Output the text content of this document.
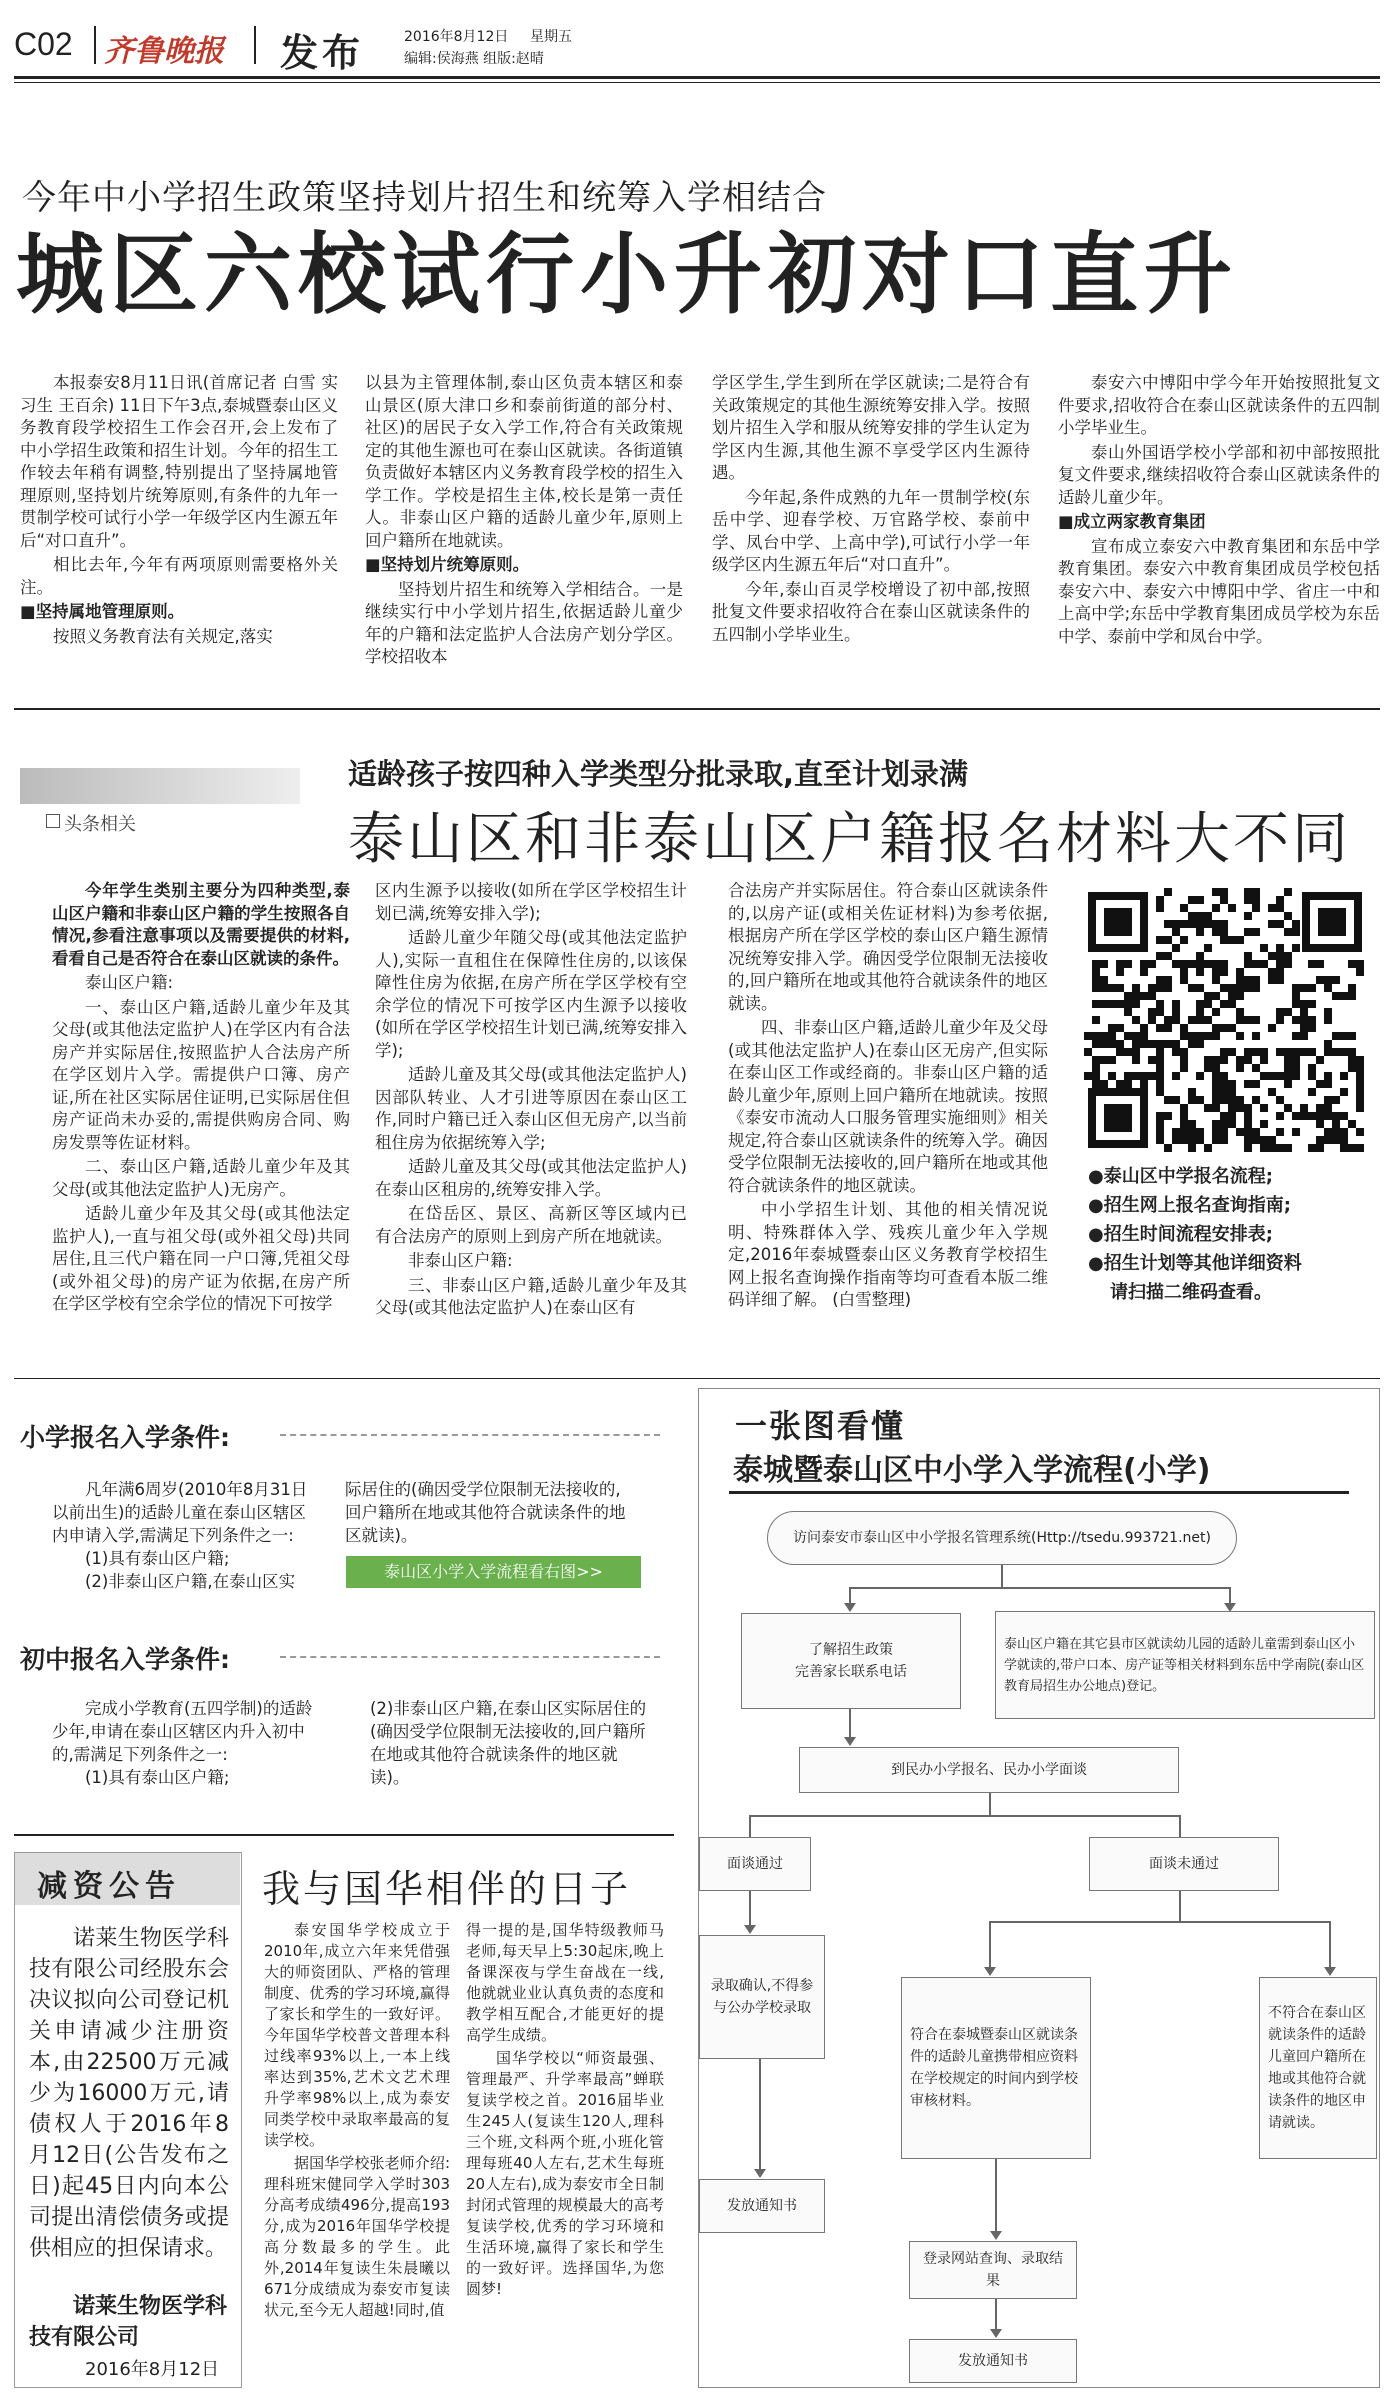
C02 齐鲁晚报 发布	2016年8月12日 星期五
编辑:侯海燕 组版:赵晴
今年中小学招生政策坚持划片招生和统筹入学相结合
城区六校试行小升初对口直升

本报泰安8月11日讯(首席记者 白雪 实习生 王百余) 11日下午3点,泰城暨泰山区义务教育段学校招生工作会召开,会上发布了中小学招生政策和招生计划。今年的招生工作较去年稍有调整,特别提出了坚持属地管理原则,坚持划片统筹原则,有条件的九年一贯制学校可试行小学一年级学区内生源五年后“对口直升”。

相比去年,今年有两项原则需要格外关注。

■坚持属地管理原则。

按照义务教育法有关规定,落实

以县为主管理体制,泰山区负责本辖区和泰山景区(原大津口乡和泰前街道的部分村、社区)的居民子女入学工作,符合有关政策规定的其他生源也可在泰山区就读。各街道镇负责做好本辖区内义务教育段学校的招生入学工作。学校是招生主体,校长是第一责任人。非泰山区户籍的适龄儿童少年,原则上回户籍所在地就读。

■坚持划片统筹原则。

坚持划片招生和统筹入学相结合。一是继续实行中小学划片招生,依据适龄儿童少年的户籍和法定监护人合法房产划分学区。学校招收本

学区学生,学生到所在学区就读;二是符合有关政策规定的其他生源统筹安排入学。按照划片招生入学和服从统筹安排的学生认定为学区内生源,其他生源不享受学区内生源待遇。

今年起,条件成熟的九年一贯制学校(东岳中学、迎春学校、万官路学校、泰前中学、凤台中学、上高中学),可试行小学一年级学区内生源五年后“对口直升”。

今年,泰山百灵学校增设了初中部,按照批复文件要求招收符合在泰山区就读条件的五四制小学毕业生。

泰安六中博阳中学今年开始按照批复文件要求,招收符合在泰山区就读条件的五四制小学毕业生。

泰山外国语学校小学部和初中部按照批复文件要求,继续招收符合泰山区就读条件的适龄儿童少年。

■成立两家教育集团

宣布成立泰安六中教育集团和东岳中学教育集团。泰安六中教育集团成员学校包括泰安六中、泰安六中博阳中学、省庄一中和上高中学;东岳中学教育集团成员学校为东岳中学、泰前中学和凤台中学。

头条相关
适龄孩子按四种入学类型分批录取,直至计划录满
泰山区和非泰山区户籍报名材料大不同

今年学生类别主要分为四种类型,泰山区户籍和非泰山区户籍的学生按照各自情况,参看注意事项以及需要提供的材料,看看自己是否符合在泰山区就读的条件。

泰山区户籍:

一、泰山区户籍,适龄儿童少年及其父母(或其他法定监护人)在学区内有合法房产并实际居住,按照监护人合法房产所在学区划片入学。需提供户口簿、房产证,所在社区实际居住证明,已实际居住但房产证尚未办妥的,需提供购房合同、购房发票等佐证材料。

二、泰山区户籍,适龄儿童少年及其父母(或其他法定监护人)无房产。

适龄儿童少年及其父母(或其他法定监护人),一直与祖父母(或外祖父母)共同居住,且三代户籍在同一户口簿,凭祖父母(或外祖父母)的房产证为依据,在房产所在学区学校有空余学位的情况下可按学

区内生源予以接收(如所在学区学校招生计划已满,统筹安排入学);

适龄儿童少年随父母(或其他法定监护人),实际一直租住在保障性住房的,以该保障性住房为依据,在房产所在学区学校有空余学位的情况下可按学区内生源予以接收(如所在学区学校招生计划已满,统筹安排入学);

适龄儿童及其父母(或其他法定监护人)因部队转业、人才引进等原因在泰山区工作,同时户籍已迁入泰山区但无房产,以当前租住房为依据统筹入学;

适龄儿童及其父母(或其他法定监护人)在泰山区租房的,统筹安排入学。

在岱岳区、景区、高新区等区域内已有合法房产的原则上到房产所在地就读。

非泰山区户籍:

三、非泰山区户籍,适龄儿童少年及其父母(或其他法定监护人)在泰山区有

合法房产并实际居住。符合泰山区就读条件的,以房产证(或相关佐证材料)为参考依据,根据房产所在学区学校的泰山区户籍生源情况统筹安排入学。确因受学位限制无法接收的,回户籍所在地或其他符合就读条件的地区就读。

四、非泰山区户籍,适龄儿童少年及父母(或其他法定监护人)在泰山区无房产,但实际在泰山区工作或经商的。非泰山区户籍的适龄儿童少年,原则上回户籍所在地就读。按照《泰安市流动人口服务管理实施细则》相关规定,符合泰山区就读条件的统筹入学。确因受学位限制无法接收的,回户籍所在地或其他符合就读条件的地区就读。

中小学招生计划、其他的相关情况说明、特殊群体入学、残疾儿童少年入学规定,2016年泰城暨泰山区义务教育学校招生网上报名查询操作指南等均可查看本版二维码详细了解。 (白雪整理)

●泰山区中学报名流程;
●招生网上报名查询指南;
●招生时间流程安排表;
●招生计划等其他详细资料
请扫描二维码查看。
小学报名入学条件:

凡年满6周岁(2010年8月31日以前出生)的适龄儿童在泰山区辖区内申请入学,需满足下列条件之一:

(1)具有泰山区户籍;

(2)非泰山区户籍,在泰山区实

际居住的(确因受学位限制无法接收的,回户籍所在地或其他符合就读条件的地区就读)。

泰山区小学入学流程看右图>>
初中报名入学条件:

完成小学教育(五四学制)的适龄少年,申请在泰山区辖区内升入初中的,需满足下列条件之一:

(1)具有泰山区户籍;

(2)非泰山区户籍,在泰山区实际居住的(确因受学位限制无法接收的,回户籍所在地或其他符合就读条件的地区就读)。

减资公告
诺莱生物医学科技有限公司经股东会决议拟向公司登记机关申请减少注册资本,由22500万元减少为16000万元,请债权人于2016年8月12日(公告发布之日)起45日内向本公司提出清偿债务或提供相应的担保请求。
诺莱生物医学科技有限公司
2016年8月12日
我与国华相伴的日子

泰安国华学校成立于2010年,成立六年来凭借强大的师资团队、严格的管理制度、优秀的学习环境,赢得了家长和学生的一致好评。今年国华学校普文普理本科过线率93%以上,一本上线率达到35%,艺术文艺术理升学率98%以上,成为泰安同类学校中录取率最高的复读学校。

据国华学校张老师介绍:理科班宋健同学入学时303分高考成绩496分,提高193分,成为2016年国华学校提高分数最多的学生。此外,2014年复读生朱晨曦以671分成绩成为泰安市复读状元,至今无人超越!同时,值

得一提的是,国华特级教师马老师,每天早上5:30起床,晚上备课深夜与学生奋战在一线,他就就业业认真负责的态度和教学相互配合,才能更好的提高学生成绩。

国华学校以“师资最强、管理最严、升学率最高”蝉联复读学校之首。2016届毕业生245人(复读生120人,理科三个班,文科两个班,小班化管理每班40人左右,艺术生每班20人左右),成为泰安市全日制封闭式管理的规模最大的高考复读学校,优秀的学习环境和生活环境,赢得了家长和学生的一致好评。选择国华,为您圆梦!

一张图看懂
泰城暨泰山区中小学入学流程(小学)
访问泰安市泰山区中小学报名管理系统(Http://tsedu.993721.net)
了解招生政策
完善家长联系电话
泰山区户籍在其它县市区就读幼儿园的适龄儿童需到泰山区小学就读的,带户口本、房产证等相关材料到东岳中学南院(泰山区教育局招生办公地点)登记。
到民办小学报名、民办小学面谈
面谈通过	面谈未通过
录取确认,不得参与公办学校录取
符合在泰城暨泰山区就读条件的适龄儿童携带相应资料在学校规定的时间内到学校审核材料。
不符合在泰山区就读条件的适龄儿童回户籍所在地或其他符合就读条件的地区申请就读。
发放通知书
登录网站查询、录取结果
发放通知书
